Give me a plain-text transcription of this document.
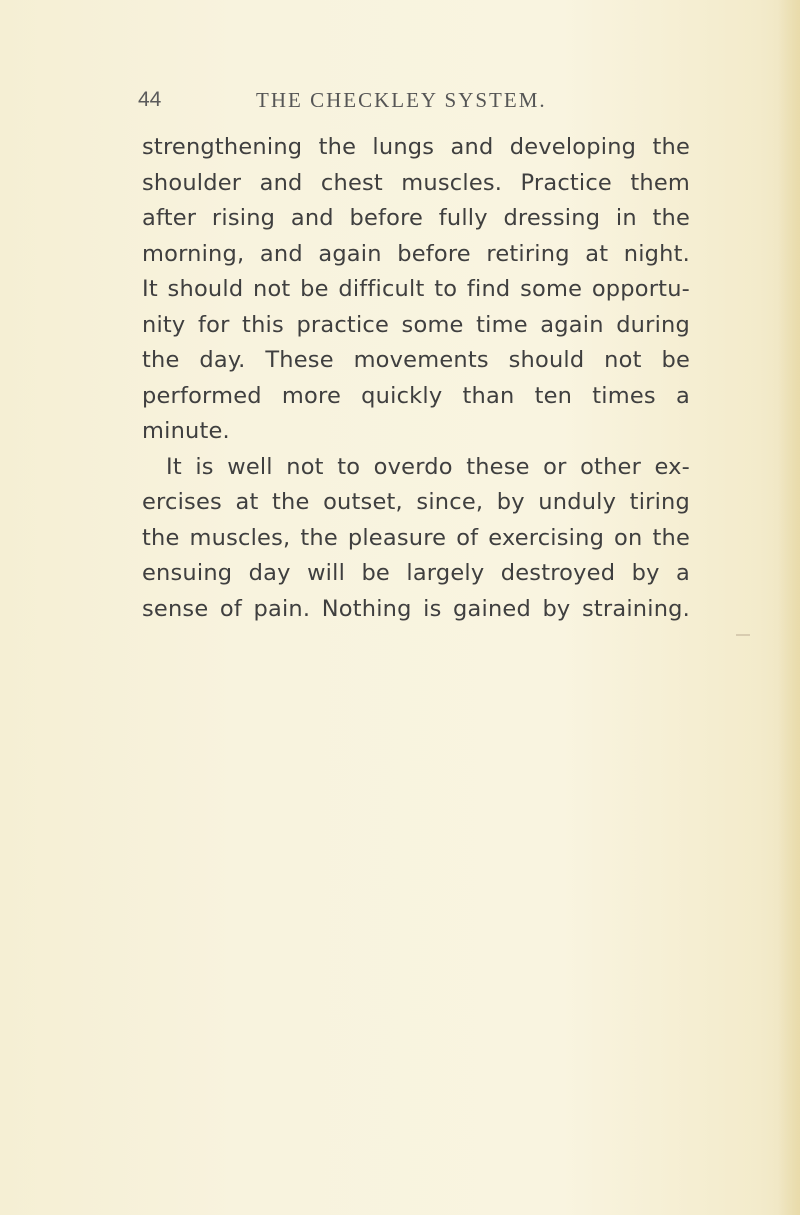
44	THE CHECKLEY SYSTEM.
strengthening the lungs and developing the
shoulder and chest muscles. Practice them
after rising and before fully dressing in the
morning, and again before retiring at night.
It should not be difficult to find some opportu-
nity for this practice some time again during
the day. These movements should not be
performed more quickly than ten times a
minute.
It is well not to overdo these or other ex-
ercises at the outset, since, by unduly tiring
the muscles, the pleasure of exercising on the
ensuing day will be largely destroyed by a
sense of pain. Nothing is gained by straining.
